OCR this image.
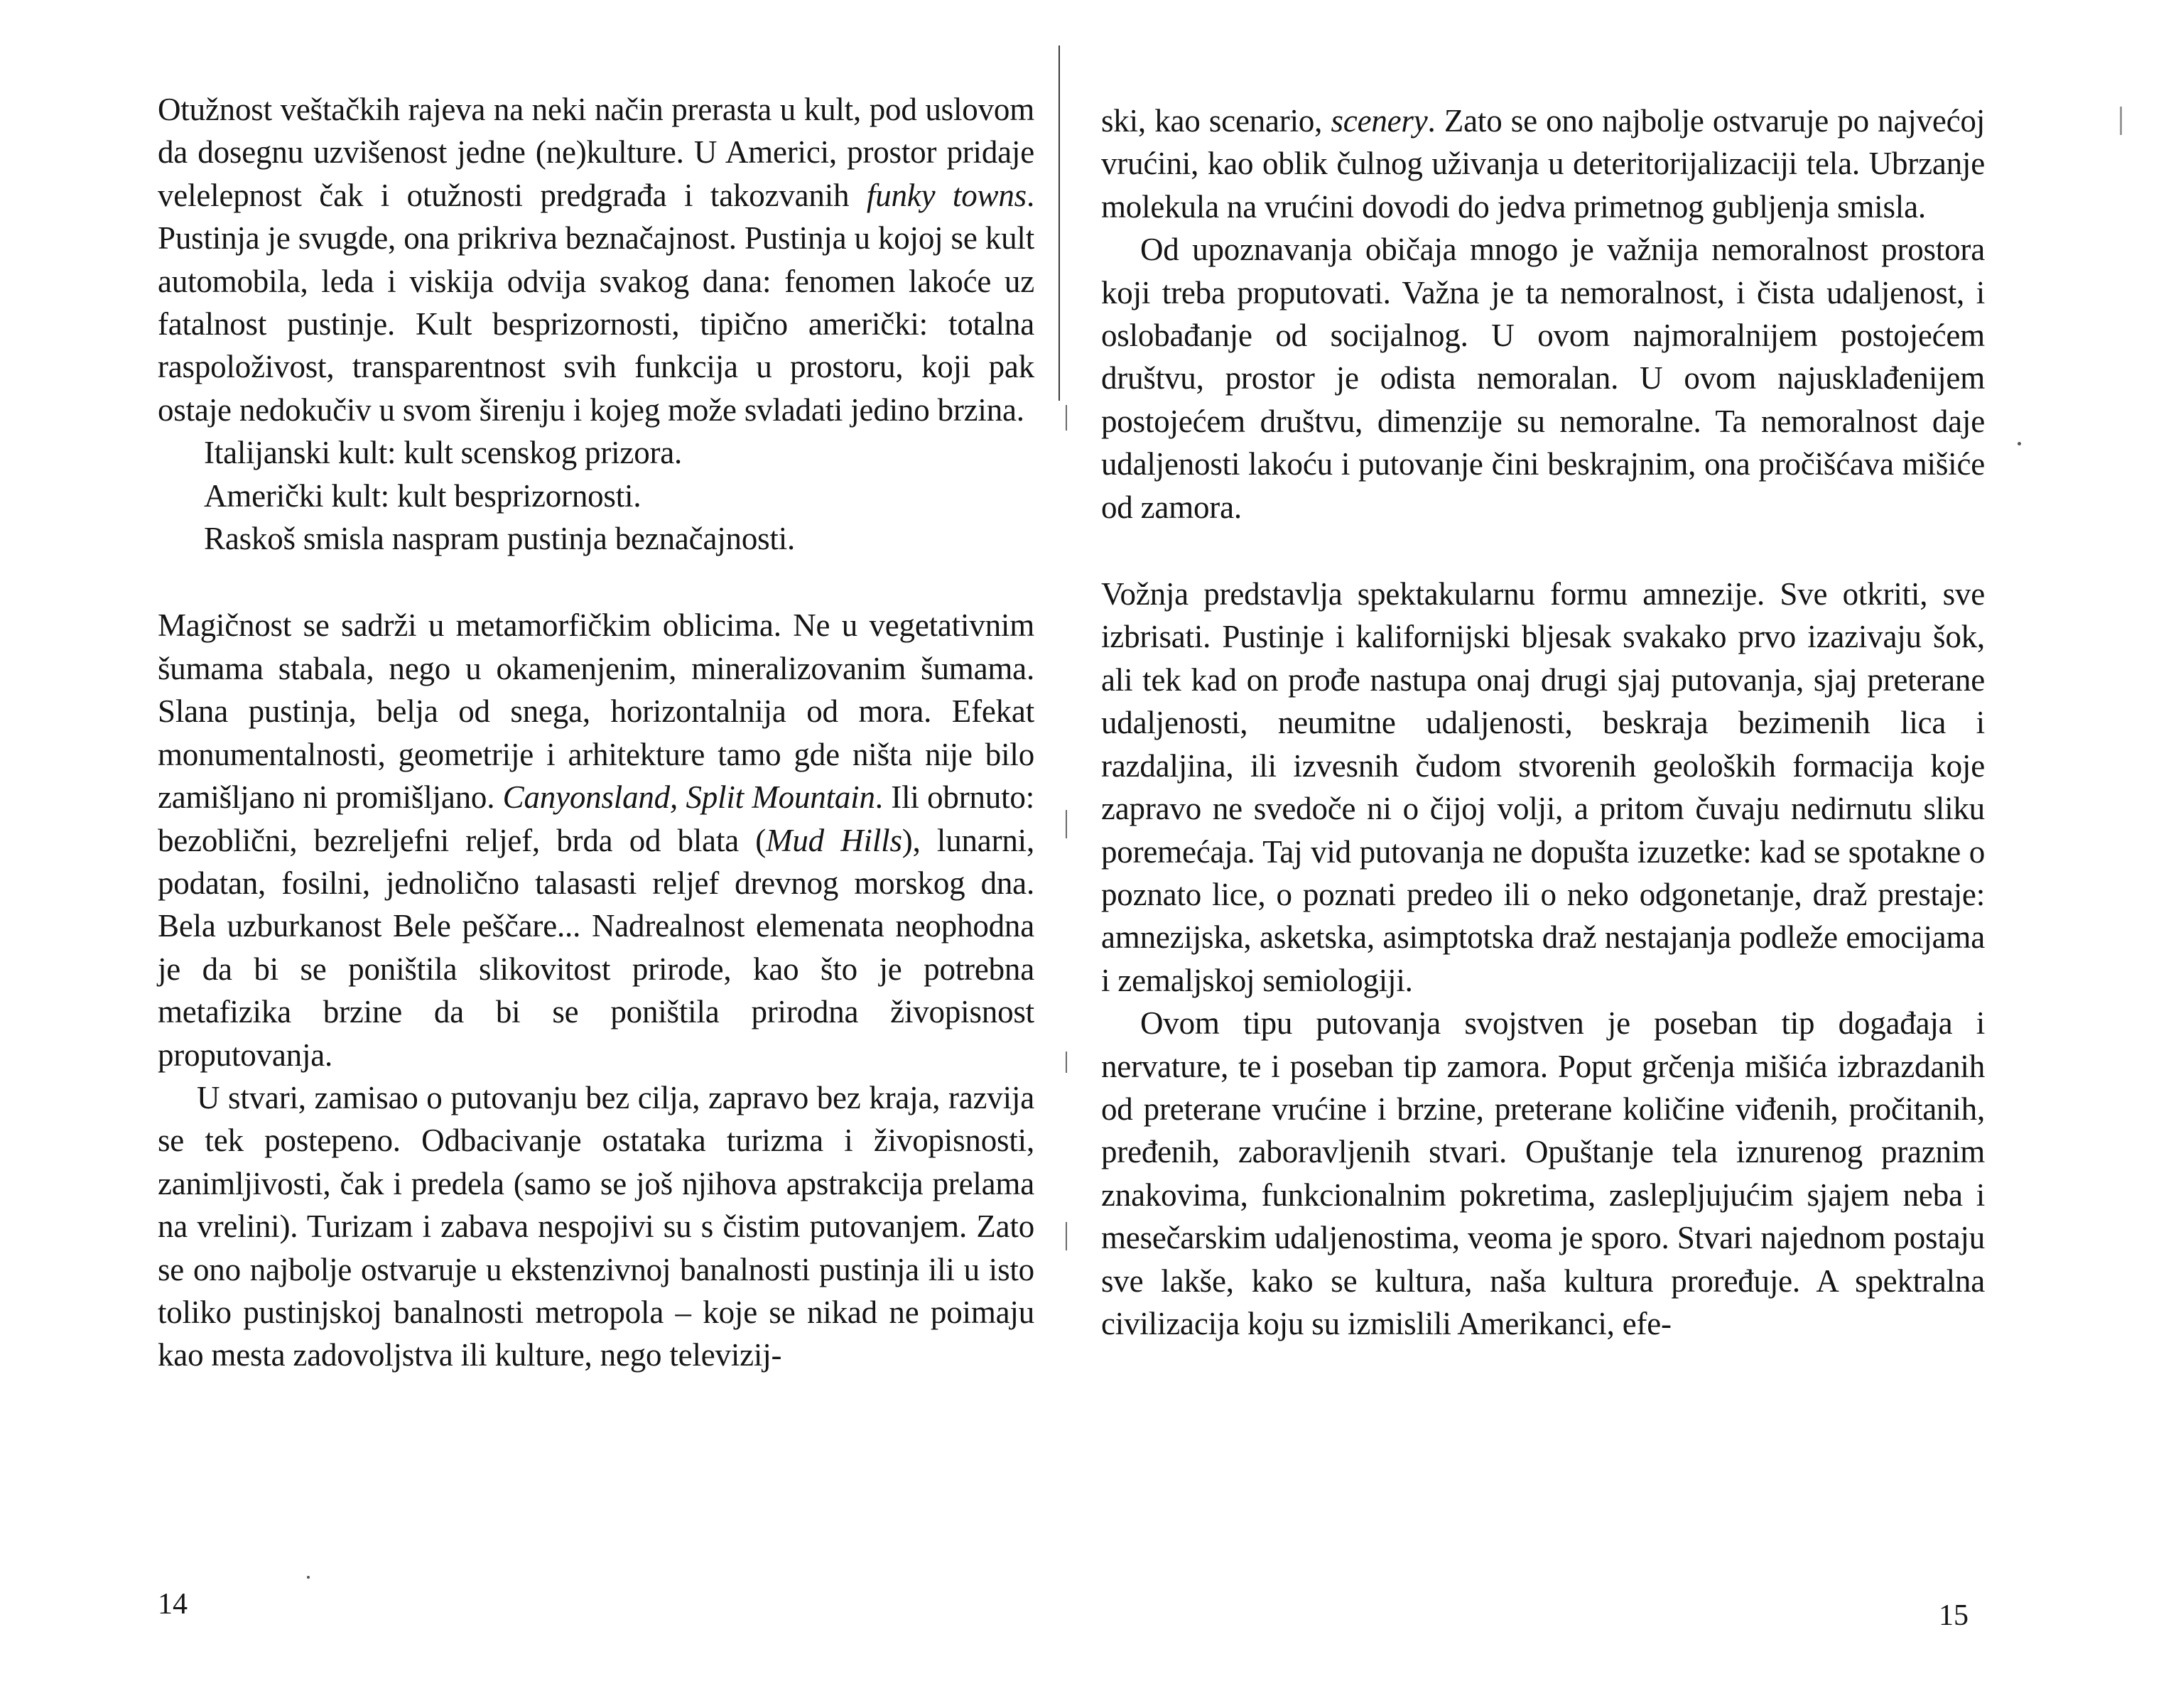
Otužnost veštačkih rajeva na neki način prerasta u kult, pod uslovom da dosegnu uzvišenost jedne (ne)kulture. U Americi, prostor pridaje velelepnost čak i otužnosti predgrađa i takozvanih funky towns. Pustinja je svugde, ona prikriva beznačajnost. Pustinja u kojoj se kult automobila, leda i viskija odvija svakog dana: fenomen lakoće uz fatalnost pustinje. Kult besprizornosti, tipično američki: totalna raspoloživost, transparentnost svih funkcija u prostoru, koji pak ostaje nedokučiv u svom širenju i kojeg može svladati jedino brzina.

Italijanski kult: kult scenskog prizora.

Američki kult: kult besprizornosti.

Raskoš smisla naspram pustinja beznačajnosti.

Magičnost se sadrži u metamorfičkim oblicima. Ne u vegetativnim šumama stabala, nego u okamenjenim, mineralizovanim šumama. Slana pustinja, belja od snega, horizontalnija od mora. Efekat monumentalnosti, geometrije i arhitekture tamo gde ništa nije bilo zamišljano ni promišljano. Canyonsland, Split Mountain. Ili obrnuto: bezoblični, bezreljefni reljef, brda od blata (Mud Hills), lunarni, podatan, fosilni, jednolično talasasti reljef drevnog morskog dna. Bela uzburkanost Bele peščare... Nadrealnost elemenata neophodna je da bi se poništila slikovitost prirode, kao što je potrebna metafizika brzine da bi se poništila prirodna živopisnost proputovanja.

U stvari, zamisao o putovanju bez cilja, zapravo bez kraja, razvija se tek postepeno. Odbacivanje ostataka turizma i živopisnosti, zanimljivosti, čak i predela (samo se još njihova apstrakcija prelama na vrelini). Turizam i zabava nespojivi su s čistim putovanjem. Zato se ono najbolje ostvaruje u ekstenzivnoj banalnosti pustinja ili u isto toliko pustinjskoj banalnosti metropola – koje se nikad ne poimaju kao mesta zadovoljstva ili kulture, nego televizij-

14

ski, kao scenario, scenery. Zato se ono najbolje ostvaruje po najvećoj vrućini, kao oblik čulnog uživanja u deteritorijalizaciji tela. Ubrzanje molekula na vrućini dovodi do jedva primetnog gubljenja smisla.

Od upoznavanja običaja mnogo je važnija nemoralnost prostora koji treba proputovati. Važna je ta nemoralnost, i čista udaljenost, i oslobađanje od socijalnog. U ovom najmoralnijem postojećem društvu, prostor je odista nemoralan. U ovom najusklađenijem postojećem društvu, dimenzije su nemoralne. Ta nemoralnost daje udaljenosti lakoću i putovanje čini beskrajnim, ona pročišćava mišiće od zamora.

Vožnja predstavlja spektakularnu formu amnezije. Sve otkriti, sve izbrisati. Pustinje i kalifornijski bljesak svakako prvo izazivaju šok, ali tek kad on prođe nastupa onaj drugi sjaj putovanja, sjaj preterane udaljenosti, neumitne udaljenosti, beskraja bezimenih lica i razdaljina, ili izvesnih čudom stvorenih geoloških formacija koje zapravo ne svedoče ni o čijoj volji, a pritom čuvaju nedirnutu sliku poremećaja. Taj vid putovanja ne dopušta izuzetke: kad se spotakne o poznato lice, o poznati predeo ili o neko odgonetanje, draž prestaje: amnezijska, asketska, asimptotska draž nestajanja podleže emocijama i zemaljskoj semiologiji.

Ovom tipu putovanja svojstven je poseban tip događaja i nervature, te i poseban tip zamora. Poput grčenja mišića izbrazdanih od preterane vrućine i brzine, preterane količine viđenih, pročitanih, pređenih, zaboravljenih stvari. Opuštanje tela iznurenog praznim znakovima, funkcionalnim pokretima, zaslepljujućim sjajem neba i mesečarskim udaljenostima, veoma je sporo. Stvari najednom postaju sve lakše, kako se kultura, naša kultura proređuje. A spektralna civilizacija koju su izmislili Amerikanci, efe-

15
